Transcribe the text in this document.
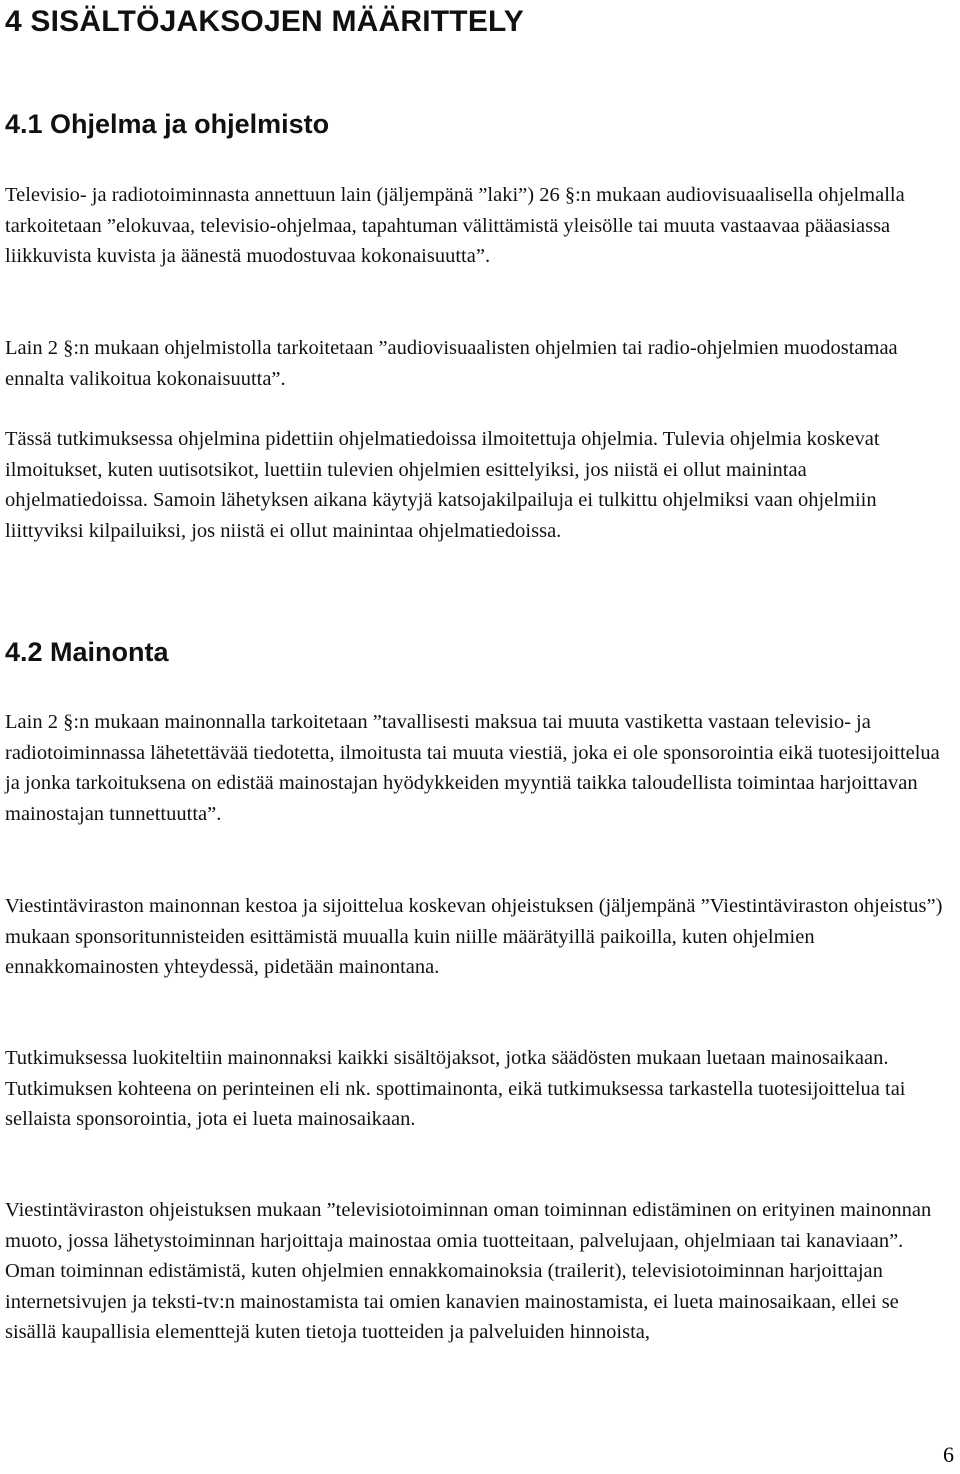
4 SISÄLTÖJAKSOJEN MÄÄRITTELY
4.1 Ohjelma ja ohjelmisto

Televisio- ja radiotoiminnasta annettuun lain (jäljempänä ”laki”) 26 §:n mukaan audiovisuaalisella ohjelmalla tarkoitetaan ”elokuvaa, televisio-ohjelmaa, tapahtuman välittämistä yleisölle tai muuta vastaavaa pääasiassa liikkuvista kuvista ja äänestä muodostuvaa kokonaisuutta”.

Lain 2 §:n mukaan ohjelmistolla tarkoitetaan ”audiovisuaalisten ohjelmien tai radio-ohjelmien muodostamaa ennalta valikoitua kokonaisuutta”.

Tässä tutkimuksessa ohjelmina pidettiin ohjelmatiedoissa ilmoitettuja ohjelmia. Tulevia ohjelmia koskevat ilmoitukset, kuten uutisotsikot, luettiin tulevien ohjelmien esittelyiksi, jos niistä ei ollut mainintaa ohjelmatiedoissa. Samoin lähetyksen aikana käytyjä katsojakilpailuja ei tulkittu ohjelmiksi vaan ohjelmiin liittyviksi kilpailuiksi, jos niistä ei ollut mainintaa ohjelmatiedoissa.

4.2 Mainonta

Lain 2 §:n mukaan mainonnalla tarkoitetaan ”tavallisesti maksua tai muuta vastiketta vastaan televisio- ja radiotoiminnassa lähetettävää tiedotetta, ilmoitusta tai muuta viestiä, joka ei ole sponsorointia eikä tuotesijoittelua ja jonka tarkoituksena on edistää mainostajan hyödykkeiden myyntiä taikka taloudellista toimintaa harjoittavan mainostajan tunnettuutta”.

Viestintäviraston mainonnan kestoa ja sijoittelua koskevan ohjeistuksen (jäljempänä ”Viestintäviraston ohjeistus”) mukaan sponsoritunnisteiden esittämistä muualla kuin niille määrätyillä paikoilla, kuten ohjelmien ennakkomainosten yhteydessä, pidetään mainontana.

Tutkimuksessa luokiteltiin mainonnaksi kaikki sisältöjaksot, jotka säädösten mukaan luetaan mainosaikaan. Tutkimuksen kohteena on perinteinen eli nk. spottimainonta, eikä tutkimuksessa tarkastella tuotesijoittelua tai sellaista sponsorointia, jota ei lueta mainosaikaan.

Viestintäviraston ohjeistuksen mukaan ”televisiotoiminnan oman toiminnan edistäminen on erityinen mainonnan muoto, jossa lähetystoiminnan harjoittaja mainostaa omia tuotteitaan, palvelujaan, ohjelmiaan tai kanaviaan”. Oman toiminnan edistämistä, kuten ohjelmien ennakkomainoksia (trailerit), televisiotoiminnan harjoittajan internetsivujen ja teksti-tv:n mainostamista tai omien kanavien mainostamista, ei lueta mainosaikaan, ellei se sisällä kaupallisia elementtejä kuten tietoja tuotteiden ja palveluiden hinnoista,

6
